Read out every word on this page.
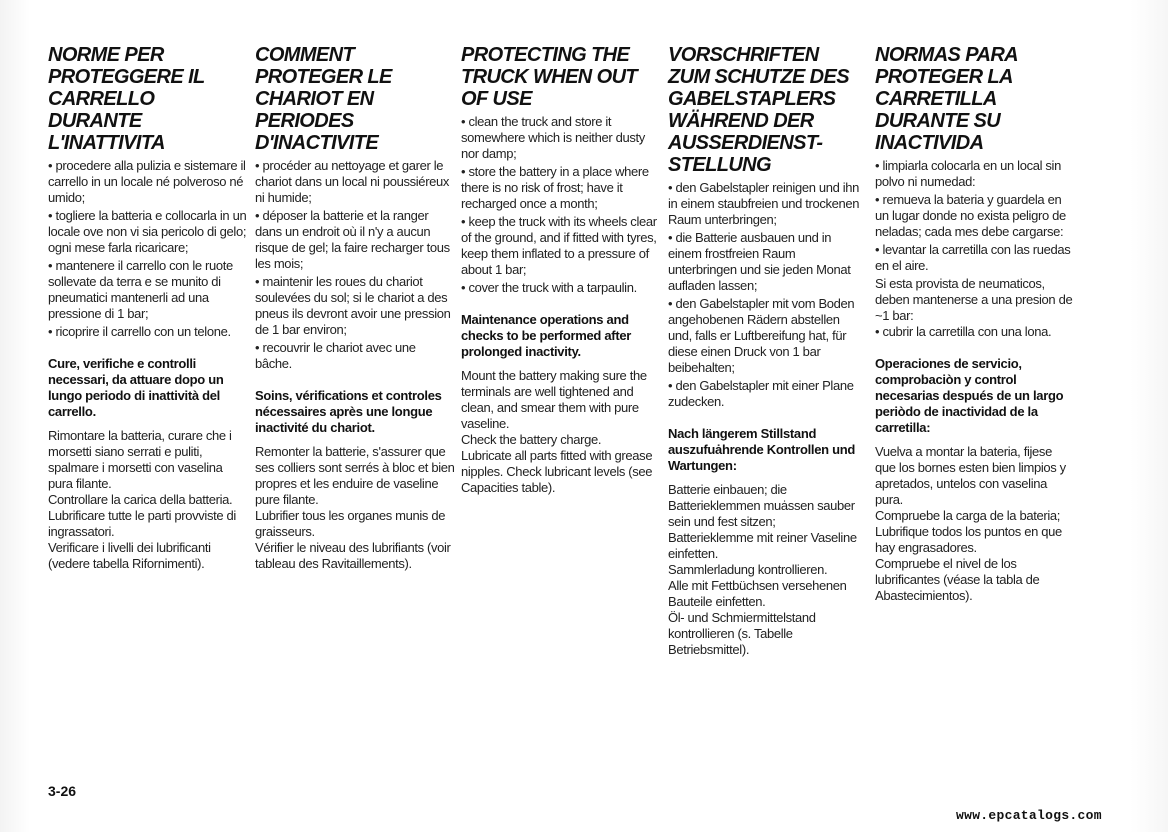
NORME PER PROTEGGERE IL CARRELLO DURANTE L'INATTIVITA
• procedere alla pulizia e sistemare il carrello in un locale né polveroso né umido;
• togliere la batteria e collocarla in un locale ove non vi sia pericolo di gelo; ogni mese farla ricaricare;
• mantenere il carrello con le ruote sollevate da terra e se munito di pneumatici mantenerli ad una pressione di 1 bar;
• ricoprire il carrello con un telone.
Cure, verifiche e controlli necessari, da attuare dopo un lungo periodo di inattività del carrello.
Rimontare la batteria, curare che i morsetti siano serrati e puliti, spalmare i morsetti con vaselina pura filante.
Controllare la carica della batteria.
Lubrificare tutte le parti provviste di ingrassatori.
Verificare i livelli dei lubrificanti (vedere tabella Rifornimenti).
COMMENT PROTEGER LE CHARIOT EN PERIODES D'INACTIVITE
• procéder au nettoyage et garer le chariot dans un local ni poussiéreux ni humide;
• déposer la batterie et la ranger dans un endroit où il n'y a aucun risque de gel; la faire recharger tous les mois;
• maintenir les roues du chariot soulevées du sol; si le chariot a des pneus ils devront avoir une pression de 1 bar environ;
• recouvrir le chariot avec une bâche.
Soins, vérifications et controles nécessaires après une longue inactivité du chariot.
Remonter la batterie, s'assurer que ses colliers sont serrés à bloc et bien propres et les enduire de vaseline pure filante.
Lubrifier tous les organes munis de graisseurs.
Vérifier le niveau des lubrifiants (voir tableau des Ravitaillements).
PROTECTING THE TRUCK WHEN OUT OF USE
• clean the truck and store it somewhere which is neither dusty nor damp;
• store the battery in a place where there is no risk of frost; have it recharged once a month;
• keep the truck with its wheels clear of the ground, and if fitted with tyres, keep them inflated to a pressure of about 1 bar;
• cover the truck with a tarpaulin.
Maintenance operations and checks to be performed after prolonged inactivity.
Mount the battery making sure the terminals are well tightened and clean, and smear them with pure vaseline.
Check the battery charge.
Lubricate all parts fitted with grease nipples. Check lubricant levels (see Capacities table).
VORSCHRIFTEN ZUM SCHUTZE DES GABELSTAPLERS WÄHREND DER AUSSERDIENST-STELLUNG
• den Gabelstapler reinigen und ihn in einem staubfreien und trockenen Raum unterbringen;
• die Batterie ausbauen und in einem frostfreien Raum unterbringen und sie jeden Monat aufladen lassen;
• den Gabelstapler mit vom Boden angehobenen Rädern abstellen und, falls er Luftbereifung hat, für diese einen Druck von 1 bar beibehalten;
• den Gabelstapler mit einer Plane zudecken.
Nach längerem Stillstand auszufuȧhrende Kontrollen und Wartungen:
Batterie einbauen; die Batterieklemmen muȧssen sauber sein und fest sitzen; Batterieklemme mit reiner Vaseline einfetten.
Sammlerladung kontrollieren.
Alle mit Fettbüchsen versehenen Bauteile einfetten.
Öl- und Schmiermittelstand kontrollieren (s. Tabelle Betriebsmittel).
NORMAS PARA PROTEGER LA CARRETILLA DURANTE SU INACTIVIDA
• limpiarla colocarla en un local sin polvo ni numedad:
• remueva la bateria y guardela en un lugar donde no exista peligro de neladas; cada mes debe cargarse:
• levantar la carretilla con las ruedas en el aire.
Si esta provista de neumaticos, deben mantenerse a una presion de ~1 bar:
• cubrir la carretilla con una lona.
Operaciones de servicio, comprobaciòn y control necesarias después de un largo periòdo de inactividad de la carretilla:
Vuelva a montar la bateria, fijese que los bornes esten bien limpios y apretados, untelos con vaselina pura.
Compruebe la carga de la bateria;
Lubrifique todos los puntos en que hay engrasadores.
Compruebe el nivel de los lubrificantes (véase la tabla de Abastecimientos).
3-26
www.epcatalogs.com
